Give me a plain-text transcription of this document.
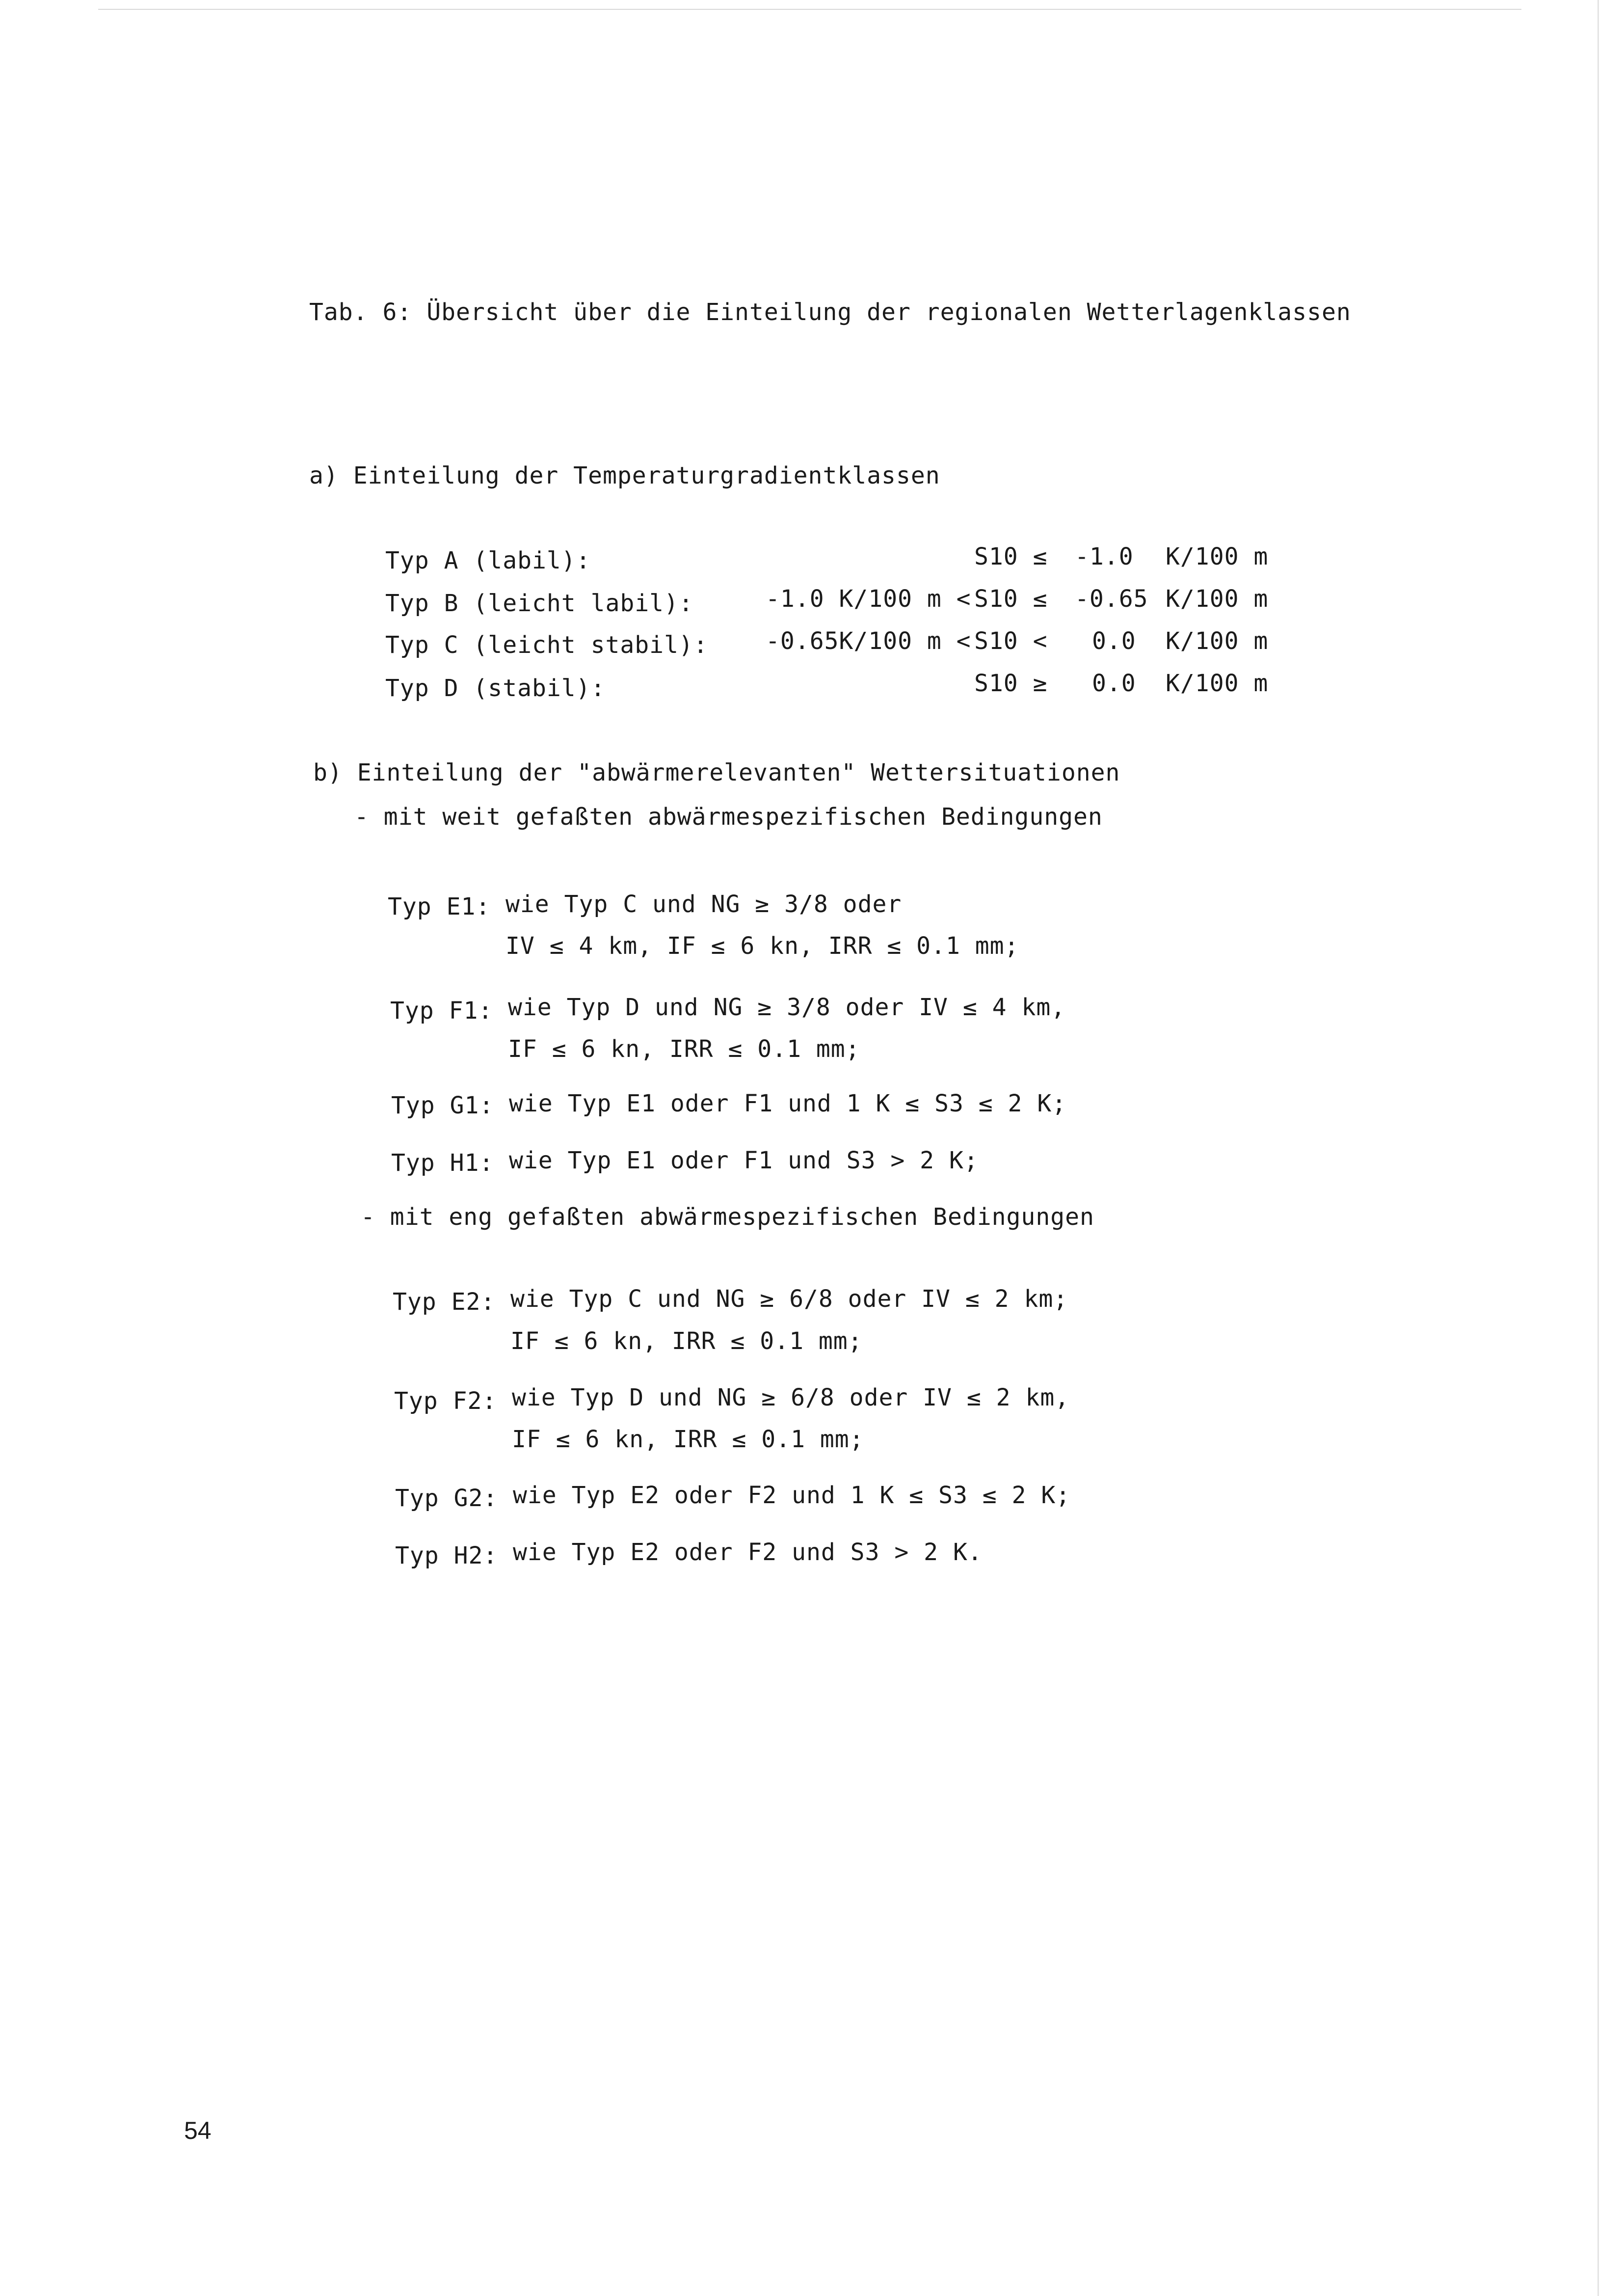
Tab. 6: Übersicht über die Einteilung der regionalen Wetterlagenklassen
a) Einteilung der Temperaturgradientklassen
Typ A (labil):	S10 ≤ -1.0 K/100 m
Typ B (leicht labil):	-1.0 K/100 m < S10 ≤ -0.65 K/100 m
Typ C (leicht stabil): -0.65K/100 m < S10 < 0.0 K/100 m
Typ D (stabil):	S10 ≥ 0.0 K/100 m
b) Einteilung der "abwärmerelevanten" Wettersituationen
- mit weit gefaßten abwärmespezifischen Bedingungen
Typ E1: wie Typ C und NG ≥ 3/8 oder
IV ≤ 4 km, IF ≤ 6 kn, IRR ≤ 0.1 mm;
Typ F1: wie Typ D und NG ≥ 3/8 oder IV ≤ 4 km,
IF ≤ 6 kn, IRR ≤ 0.1 mm;
Typ G1: wie Typ E1 oder F1 und 1 K ≤ S3 ≤ 2 K;
Typ H1: wie Typ E1 oder F1 und S3 > 2 K;
- mit eng gefaßten abwärmespezifischen Bedingungen
Typ E2: wie Typ C und NG ≥ 6/8 oder IV ≤ 2 km;
IF ≤ 6 kn, IRR ≤ 0.1 mm;
Typ F2: wie Typ D und NG ≥ 6/8 oder IV ≤ 2 km,
IF ≤ 6 kn, IRR ≤ 0.1 mm;
Typ G2: wie Typ E2 oder F2 und 1 K ≤ S3 ≤ 2 K;
Typ H2: wie Typ E2 oder F2 und S3 > 2 K.
54
